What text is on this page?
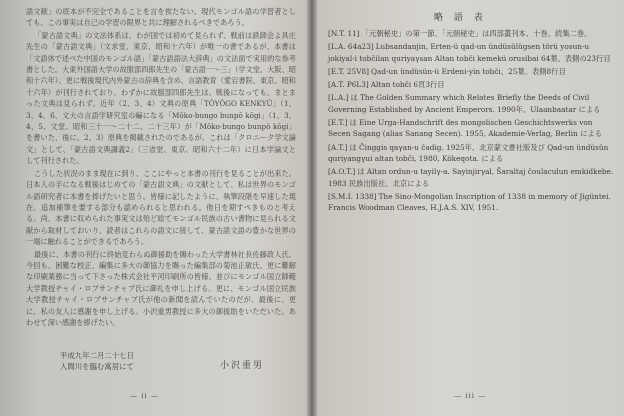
語文献」の底本が不完全であることを言を俟たない。現代モンゴル語の学習者としても、この事実は自己の学習の限界と共に理解されるべきであろう。

「蒙古語文典」の文法体系は、わが国では初めて見られず、戦前は鉄師会よ具庄先生の「蒙古語文典」（文求堂、東京、昭和十六年）が唯一の書であるが、本書は「文語体で述べた中国のモンゴル語」「蒙古語語法大辞典」の文法面で実用的な参考書とした。大東外国語大学の故服部四郎先生の「蒙古語一～三」（学文堂、大阪、昭和十六年）、更に戦後現代内外蒙古の辞典を含め、言語教育（愛宕書院、東京、昭和十六年）が刊行されており、わずかに故服部四郎先生は、戦後になっても、まとまった文典は見られず。近年（2、3、4）文典の原典「TÔYÔGO KENKYÛ」（1、3、4、6、文大の言語学研究室の編になる「Mōko-bungo bunpō kōgi」（1、3、4、5、文堂、昭和三十一～二十二、二十三年）が「Mōko-bungo bunpō kōgi」を書いた、後に、2、3）原典を掲載されたのであるが、これは「クロニーク学文論文」として、「蒙古語文典講義2」（三省堂、東京、昭和六十二年）に日本学論文として刊行された。

こうした状況のまま現在に到り、ここにやっと本書の刊行を見ることが出来た。日本人の手になる戦後はじめての「蒙古語文典」の文献として、私は世界のモンゴル語研究者に本書を捧げたいと思う。皆様に記したように、執筆段階を早速した現在、追加補筆を要する部分も認められると思われる。他日を期すべきものと考える。尚、本書に収められた事実文は殆ど総てモンゴル民族の古い書物に見られる文献から取材しておいり、読者はこれらの語文に接して、蒙古語文語の豊かな世界の一端に触れることができるであろう。

最後に、本書の刊行に終始変わらぬ御援助を賜わった大学書林社長佐藤政人氏、今回も、困難な校正、編集に多大の御協力を賜った編集部の菊池正敏氏、更に難解な印刷業務に当って下さった株式会社平河印刷所の皆様、並びにモンゴル国立師範大学教授チャイ・ロブサンチャブ氏に御礼を申し上げる。更に、モンゴル国立民族大学教授チャイ・ロブサンチャブ氏が他の新聞を読んでいたのだが、最後に、更に、私の友人に感謝を申し上げる。小沢重男教授に多大の御援助をいただいた。あわせて深い感謝を捧げたい。

平成九年二月二十七日
入間川を臨む寓居にて	小沢重男
— ii —
略 語 表
[N.T. 11] 「元朝秘史」の第一節、「元朝秘史」は四部叢刊本、十巻、続集二巻。
[L.A. 64a23] Lubsandanjin, Erten-ü qad-un ündüsülügsen törü yosun-u jokiyal-i tobčilan quriyaγsan Altan tobči kemekü orusibai 64葉、表側の23行目
[E.T. 25V8] Qad-un ündüsün-ü Erdeni-yin tobči、25葉、表側8行目
[A.T. P6L3] Altan tobči 6頁3行目
[L.A.] は The Golden Summary which Relates Briefly the Deeds of Civil Governing Established by Ancient Emperors. 1990年、Ulaanbaatar による
[E.T.] は Eine Urga-Handschrift des mongolischen Geschichtswerks von Secen Sagang (alias Sanang Secen). 1955, Akademie-Verlag, Berlin による
[A.T.] は Činggis qaγan-u čadig. 1925年、北京蒙文書社版及び Qad-un ündüsün quriyangγui altan tobči, 1980, Kökeqota. による
[A.O.T.] は Altan ordun-u tayilγ-a. Sayinjirγal, Šaraltaj čoulaculun emkidkebe. 1983 民族出版社、北京による
[S.M.I. 1338] The Sino-Mongolian Inscription of 1338 in memory of Jigüntei. Francis Woodman Cleaves, H.J.A.S. XIV, 1951.
— iii —
